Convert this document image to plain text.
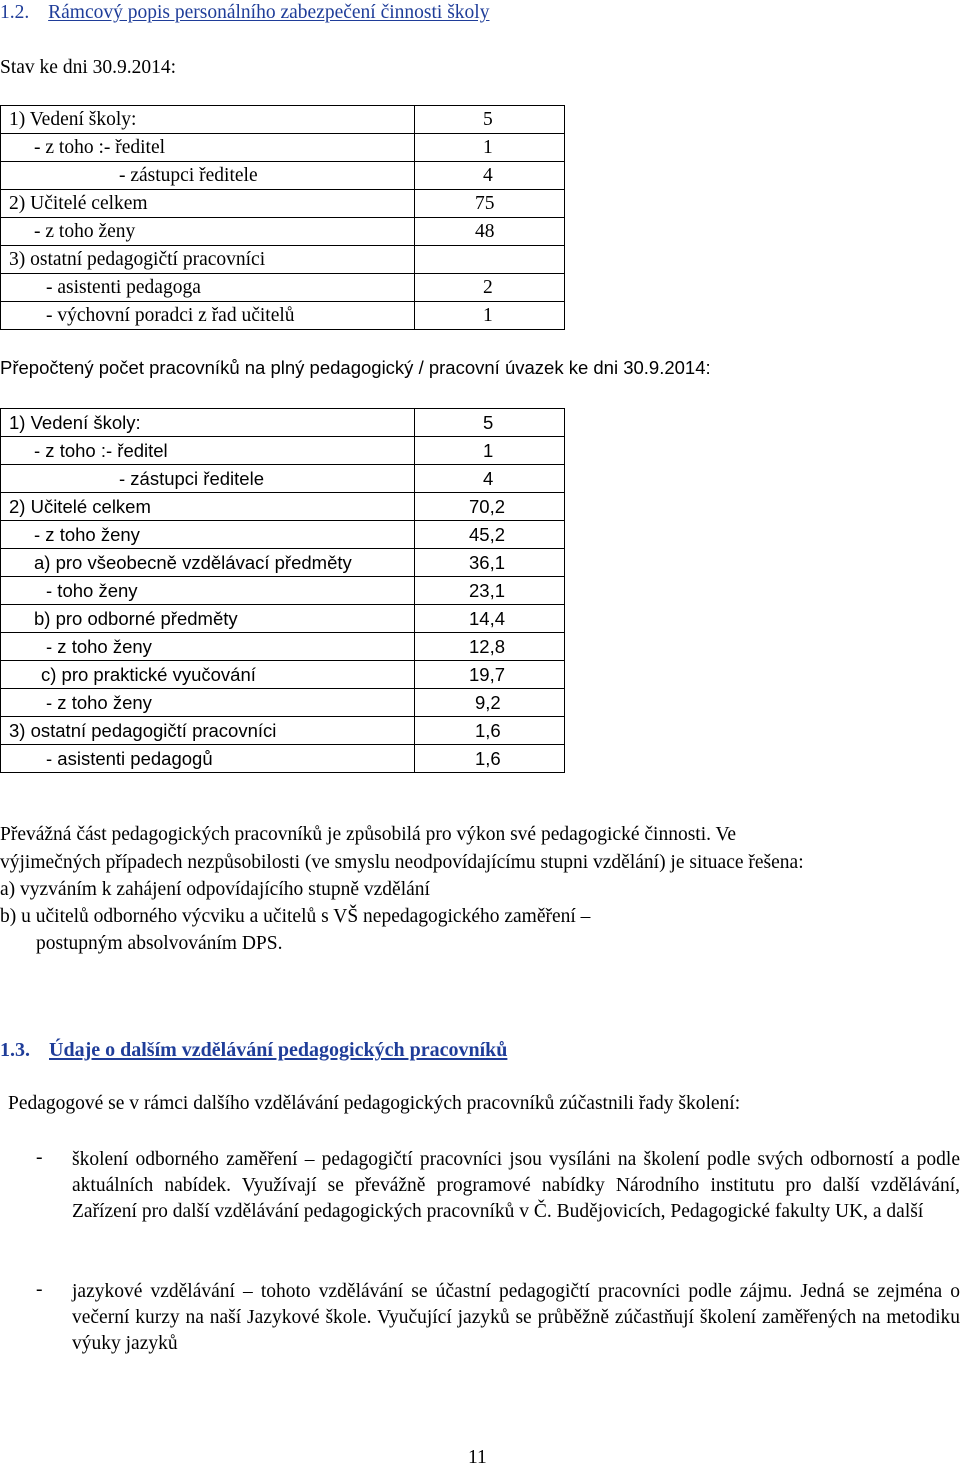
1.2. Rámcový popis personálního zabezpečení činnosti školy
Stav ke dni 30.9.2014:
1) Vedení školy:	5
- z toho :- ředitel	1
- zástupci ředitele	4
2) Učitelé celkem	75
- z toho ženy	48
3) ostatní pedagogičtí pracovníci	
- asistenti pedagoga	2
- výchovní poradci z řad učitelů	1
Přepočtený počet pracovníků na plný pedagogický / pracovní úvazek ke dni 30.9.2014:
1) Vedení školy:	5
- z toho :- ředitel	1
- zástupci ředitele	4
2) Učitelé celkem	70,2
- z toho ženy	45,2
a) pro všeobecně vzdělávací předměty	36,1
- toho ženy	23,1
b) pro odborné předměty	14,4
- z toho ženy	12,8
c) pro praktické vyučování	19,7
- z toho ženy	9,2
3) ostatní pedagogičtí pracovníci	1,6
- asistenti pedagogů	1,6
Převážná část pedagogických pracovníků je způsobilá pro výkon své pedagogické činnosti. Ve
výjimečných případech nezpůsobilosti (ve smyslu neodpovídajícímu stupni vzdělání) je situace řešena:
a) vyzváním k zahájení odpovídajícího stupně vzdělání
b) u učitelů odborného výcviku a učitelů s VŠ nepedagogického zaměření –
postupným absolvováním DPS.
1.3. Údaje o dalším vzdělávání pedagogických pracovníků
Pedagogové se v rámci dalšího vzdělávání pedagogických pracovníků zúčastnili řady školení:
- školení odborného zaměření – pedagogičtí pracovníci jsou vysíláni na školení podle svých odborností a podle aktuálních nabídek. Využívají se převážně programové nabídky Národního institutu pro další vzdělávání, Zařízení pro další vzdělávání pedagogických pracovníků v Č. Budějovicích, Pedagogické fakulty UK, a další
- jazykové vzdělávání – tohoto vzdělávání se účastní pedagogičtí pracovníci podle zájmu. Jedná se zejména o večerní kurzy na naší Jazykové škole. Vyučující jazyků se průběžně zúčastňují školení zaměřených na metodiku výuky jazyků
11
